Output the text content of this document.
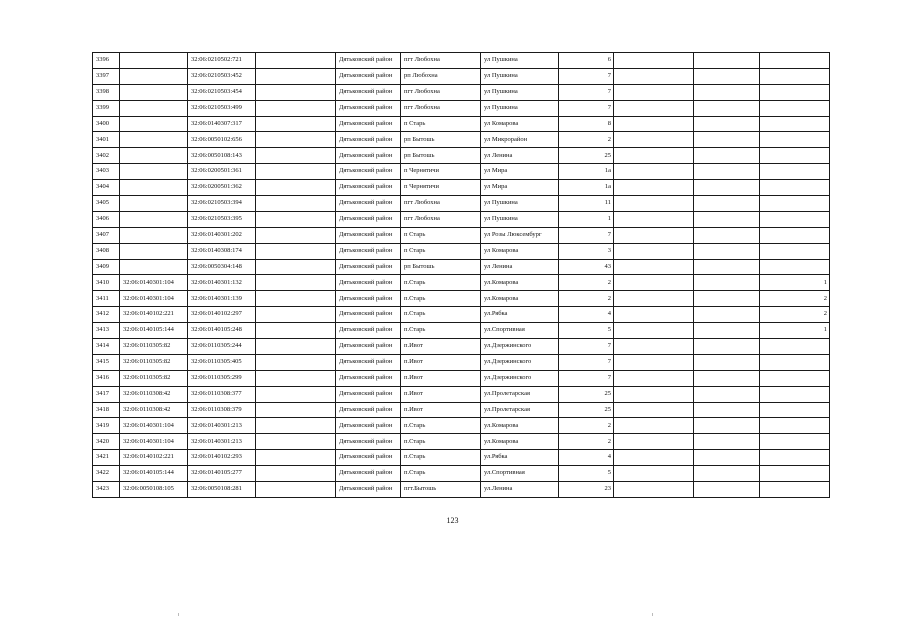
3396		32:06:0210502:721		Дятьковский район	пгт Любохна	ул Пушкина	6			
3397		32:06:0210503:452		Дятьковский район	рп Любохна	ул Пушкина	7			
3398		32:06:0210503:454		Дятьковский район	пгт Любохна	ул Пушкина	7			
3399		32:06:0210503:499		Дятьковский район	пгт Любохна	ул Пушкина	7			
3400		32:06:0140307:317		Дятьковский район	п Старь	ул Комарова	8			
3401		32:06:0050102:656		Дятьковский район	рп Бытошь	ул Микрорайон	2			
3402		32:06:0050108:143		Дятьковский район	рп Бытошь	ул Ленина	25			
3403		32:06:0200501:361		Дятьковский район	п Чернятичи	ул Мира	1а			
3404		32:06:0200501:362		Дятьковский район	п Чернятичи	ул Мира	1а			
3405		32:06:0210503:394		Дятьковский район	пгт Любохна	ул Пушкина	11			
3406		32:06:0210503:395		Дятьковский район	пгт Любохна	ул Пушкина	1			
3407		32:06:0140301:202		Дятьковский район	п Старь	ул Розы Люксембург	7			
3408		32:06:0140308:174		Дятьковский район	п Старь	ул Комарова	3			
3409		32:06:0050304:148		Дятьковский район	рп Бытошь	ул Ленина	43			
3410	32:06:0140301:104	32:06:0140301:132		Дятьковский район	п.Старь	ул.Комарова	2			1
3411	32:06:0140301:104	32:06:0140301:139		Дятьковский район	п.Старь	ул.Комарова	2			2
3412	32:06:0140102:221	32:06:0140102:297		Дятьковский район	п.Старь	ул.Рябка	4			2
3413	32:06:0140105:144	32:06:0140105:248		Дятьковский район	п.Старь	ул.Спортивная	5			1
3414	32:06:0110305:82	32:06:0110305:244		Дятьковский район	п.Ивот	ул.Дзержинского	7			
3415	32:06:0110305:82	32:06:0110305:405		Дятьковский район	п.Ивот	ул.Дзержинского	7			
3416	32:06:0110305:82	32:06:0110305:299		Дятьковский район	п.Ивот	ул.Дзержинского	7			
3417	32:06:0110308:42	32:06:0110308:377		Дятьковский район	п.Ивот	ул.Пролетарская	25			
3418	32:06:0110308:42	32:06:0110308:379		Дятьковский район	п.Ивот	ул.Пролетарская	25			
3419	32:06:0140301:104	32:06:0140301:213		Дятьковский район	п.Старь	ул.Комарова	2			
3420	32:06:0140301:104	32:06:0140301:213		Дятьковский район	п.Старь	ул.Комарова	2			
3421	32:06:0140102:221	32:06:0140102:293		Дятьковский район	п.Старь	ул.Рябка	4			
3422	32:06:0140105:144	32:06:0140105:277		Дятьковский район	п.Старь	ул.Спортивная	5			
3423	32:06:0050108:105	32:06:0050108:281		Дятьковский район	пгт.Бытошь	ул.Ленина	23			
123
